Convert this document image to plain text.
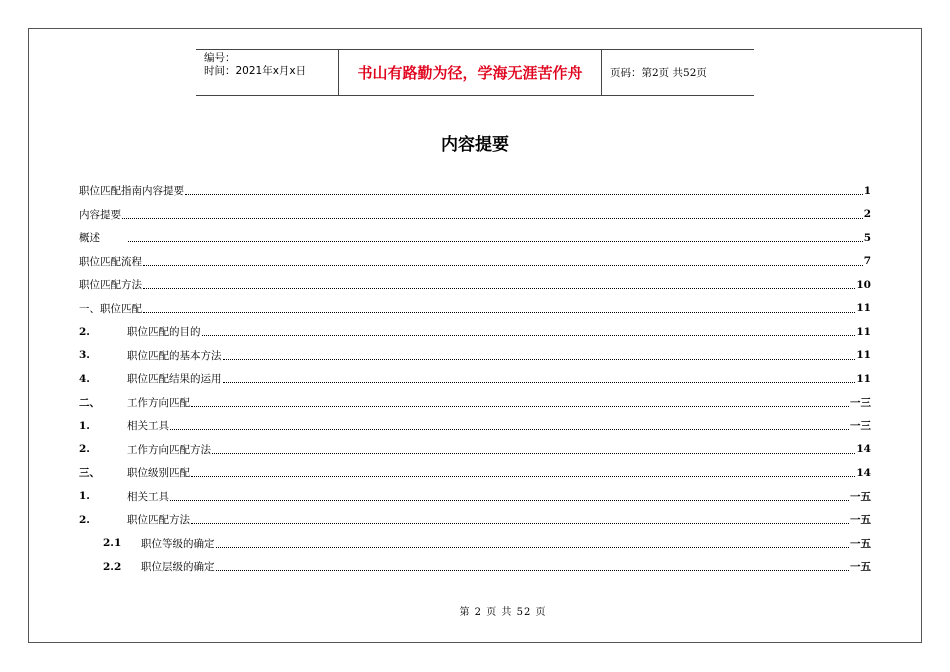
编号：
时间：2021年x月x日	书山有路勤为径，学海无涯苦作舟	页码：第2页 共52页
内容提要
职位匹配指南内容提要	1
内容提要	2
概述	5
职位匹配流程	7
职位匹配方法	10
一、职位匹配	11
2.	职位匹配的目的	11
3.	职位匹配的基本方法	11
4.	职位匹配结果的运用	11
二、	工作方向匹配	一三
1.	相关工具	一三
2.	工作方向匹配方法	14
三、	职位级别匹配	14
1.	相关工具	一五
2.	职位匹配方法	一五
2.1	职位等级的确定	一五
2.2	职位层级的确定	一五
第 2 页 共 52 页
